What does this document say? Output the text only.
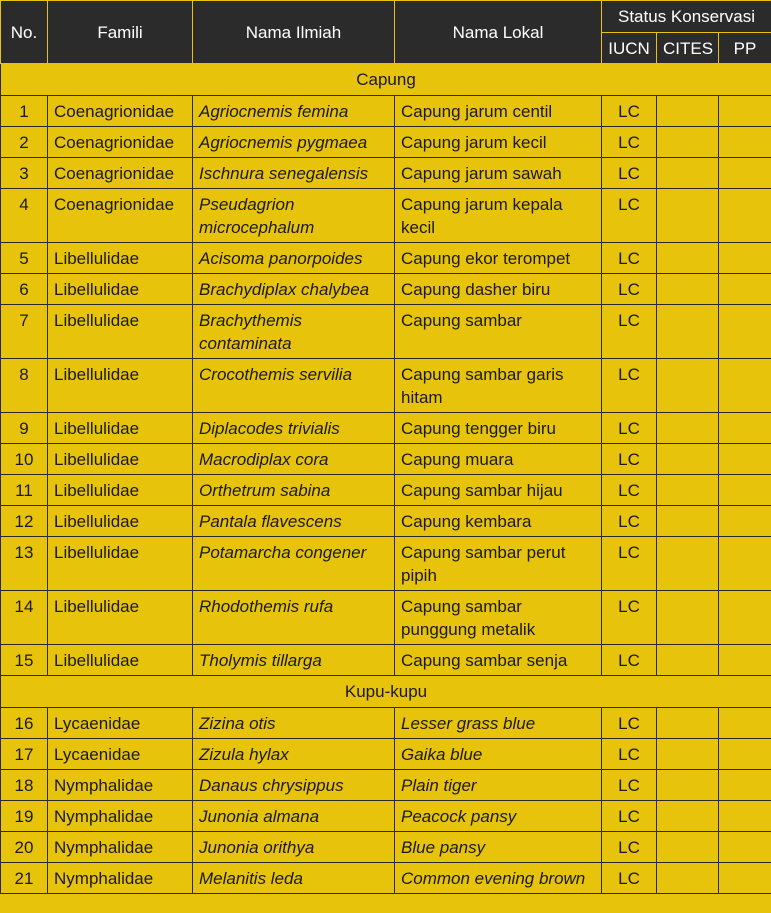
No.	Famili	Nama Ilmiah	Nama Lokal	Status Konservasi		
				IUCN	CITES	PP
Capung						
1	Coenagrionidae	Agriocnemis femina	Capung jarum centil	LC		
2	Coenagrionidae	Agriocnemis pygmaea	Capung jarum kecil	LC		
3	Coenagrionidae	Ischnura senegalensis	Capung jarum sawah	LC		
4	Coenagrionidae	Pseudagrion microcephalum	Capung jarum kepala kecil	LC		
5	Libellulidae	Acisoma panorpoides	Capung ekor terompet	LC		
6	Libellulidae	Brachydiplax chalybea	Capung dasher biru	LC		
7	Libellulidae	Brachythemis contaminata	Capung sambar	LC		
8	Libellulidae	Crocothemis servilia	Capung sambar garis hitam	LC		
9	Libellulidae	Diplacodes trivialis	Capung tengger biru	LC		
10	Libellulidae	Macrodiplax cora	Capung muara	LC		
11	Libellulidae	Orthetrum sabina	Capung sambar hijau	LC		
12	Libellulidae	Pantala flavescens	Capung kembara	LC		
13	Libellulidae	Potamarcha congener	Capung sambar perut pipih	LC		
14	Libellulidae	Rhodothemis rufa	Capung sambar punggung metalik	LC		
15	Libellulidae	Tholymis tillarga	Capung sambar senja	LC		
Kupu-kupu						
16	Lycaenidae	Zizina otis	Lesser grass blue	LC		
17	Lycaenidae	Zizula hylax	Gaika blue	LC		
18	Nymphalidae	Danaus chrysippus	Plain tiger	LC		
19	Nymphalidae	Junonia almana	Peacock pansy	LC		
20	Nymphalidae	Junonia orithya	Blue pansy	LC		
21	Nymphalidae	Melanitis leda	Common evening brown	LC		
